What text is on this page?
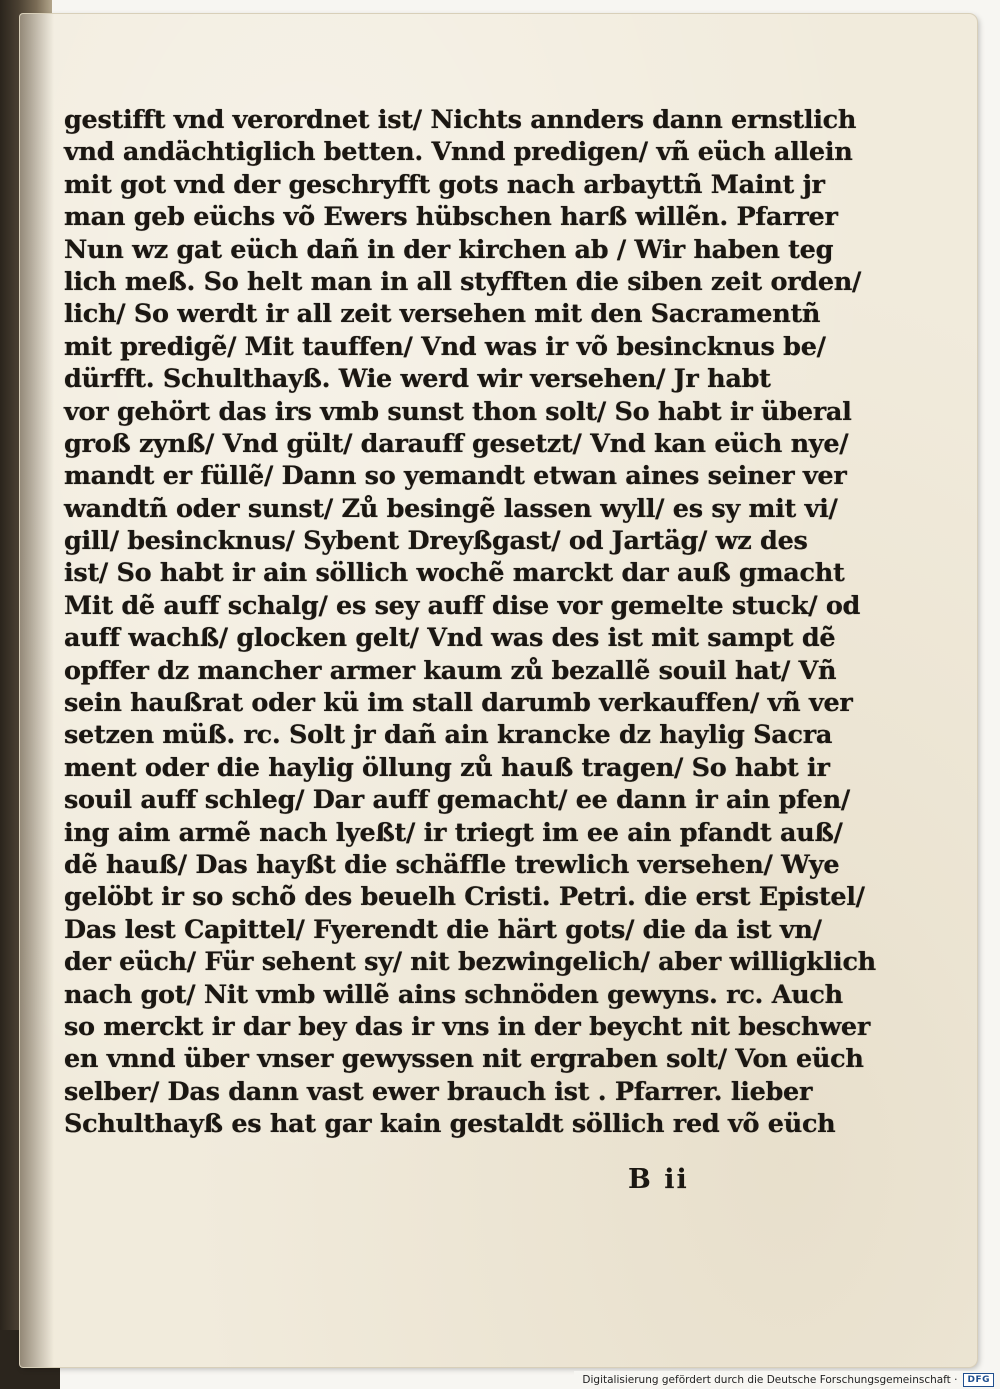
gestifft vnd verordnet ist/ Nichts annders dann ernstlich
vnd andächtiglich betten. Vnnd predigen/ vñ eüch allein
mit got vnd der geschryfft gots nach arbayttñ Maint jr
man geb eüchs võ Ewers hübschen harß willẽn. Pfarrer
Nun wz gat eüch dañ in der kirchen ab / Wir haben teg
lich meß. So helt man in all styfften die siben zeit orden/
lich/ So werdt ir all zeit versehen mit den Sacramentñ
mit predigẽ/ Mit tauffen/ Vnd was ir võ besincknus be/
dürfft. Schulthayß. Wie werd wir versehen/ Jr habt
vor gehört das irs vmb sunst thon solt/ So habt ir überal
groß zynß/ Vnd gült/ darauff gesetzt/ Vnd kan eüch nye/
mandt er füllẽ/ Dann so yemandt etwan aines seiner ver
wandtñ oder sunst/ Zů besingẽ lassen wyll/ es sy mit vi/
gill/ besincknus/ Sybent Dreyßgast/ od Jartäg/ wz des
ist/ So habt ir ain söllich wochẽ marckt dar auß gmacht
Mit dẽ auff schalg/ es sey auff dise vor gemelte stuck/ od
auff wachß/ glocken gelt/ Vnd was des ist mit sampt dẽ
opffer dz mancher armer kaum zů bezallẽ souil hat/ Vñ
sein haußrat oder kü im stall darumb verkauffen/ vñ ver
setzen müß. rc. Solt jr dañ ain krancke dz haylig Sacra
ment oder die haylig öllung zů hauß tragen/ So habt ir
souil auff schleg/ Dar auff gemacht/ ee dann ir ain pfen/
ing aim armẽ nach lyeßt/ ir triegt im ee ain pfandt auß/
dẽ hauß/ Das hayßt die schäffle trewlich versehen/ Wye
gelöbt ir so schõ des beuelh Cristi. Petri. die erst Epistel/
Das lest Capittel/ Fyerendt die härt gots/ die da ist vn/
der eüch/ Für sehent sy/ nit bezwingelich/ aber willigklich
nach got/ Nit vmb willẽ ains schnöden gewyns. rc. Auch
so merckt ir dar bey das ir vns in der beycht nit beschwer
en vnnd über vnser gewyssen nit ergraben solt/ Von eüch
selber/ Das dann vast ewer brauch ist . Pfarrer. lieber
Schulthayß es hat gar kain gestaldt söllich red võ eüch
B ii
Digitalisierung gefördert durch die Deutsche Forschungsgemeinschaft ·	DFG
